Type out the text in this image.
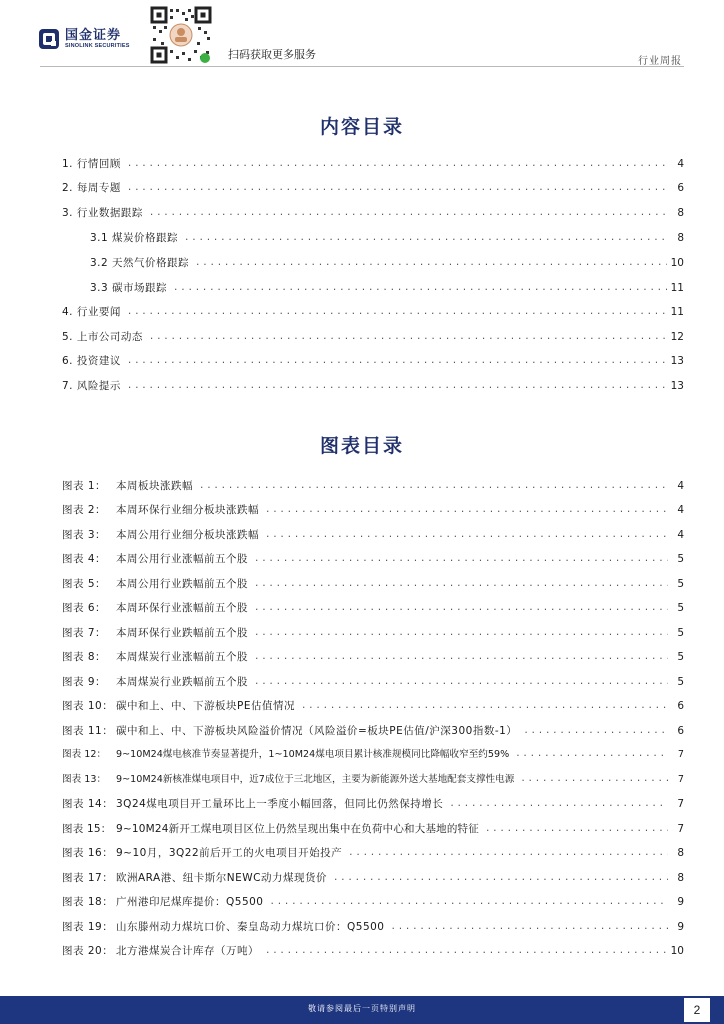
国金证券
SINOLINK SECURITIES
扫码获取更多服务
行业周报
内容目录
1. 行情回顾 .....	4
2. 每周专题 .....	6
3. 行业数据跟踪 .....	8
3.1 煤炭价格跟踪 .....	8
3.2 天然气价格跟踪 .....	10
3.3 碳市场跟踪 .....	11
4. 行业要闻 .....	11
5. 上市公司动态 .....	12
6. 投资建议 .....	13
7. 风险提示 .....	13
图表目录
图表 1： 本周板块涨跌幅 .....	4
图表 2： 本周环保行业细分板块涨跌幅 .....	4
图表 3： 本周公用行业细分板块涨跌幅 .....	4
图表 4： 本周公用行业涨幅前五个股 .....	5
图表 5： 本周公用行业跌幅前五个股 .....	5
图表 6： 本周环保行业涨幅前五个股 .....	5
图表 7： 本周环保行业跌幅前五个股 .....	5
图表 8： 本周煤炭行业涨幅前五个股 .....	5
图表 9： 本周煤炭行业跌幅前五个股 .....	5
图表 10： 碳中和上、中、下游板块PE估值情况 .....	6
图表 11： 碳中和上、中、下游板块风险溢价情况（风险溢价=板块PE估值/沪深300指数-1） .....	6
图表 12： 9~10M24煤电核准节奏显著提升，1~10M24煤电项目累计核准规模同比降幅收窄至约59% .....	7
图表 13： 9~10M24新核准煤电项目中，近7成位于三北地区，主要为新能源外送大基地配套支撑性电源 .....	7
图表 14： 3Q24煤电项目开工量环比上一季度小幅回落，但同比仍然保持增长 .....	7
图表 15： 9~10M24新开工煤电项目区位上仍然呈现出集中在负荷中心和大基地的特征 .....	7
图表 16： 9~10月，3Q22前后开工的火电项目开始投产 .....	8
图表 17： 欧洲ARA港、纽卡斯尔NEWC动力煤现货价 .....	8
图表 18： 广州港印尼煤库提价：Q5500 .....	9
图表 19： 山东滕州动力煤坑口价、秦皇岛动力煤坑口价：Q5500 .....	9
图表 20： 北方港煤炭合计库存（万吨） .....	10
敬请参阅最后一页特别声明	2
